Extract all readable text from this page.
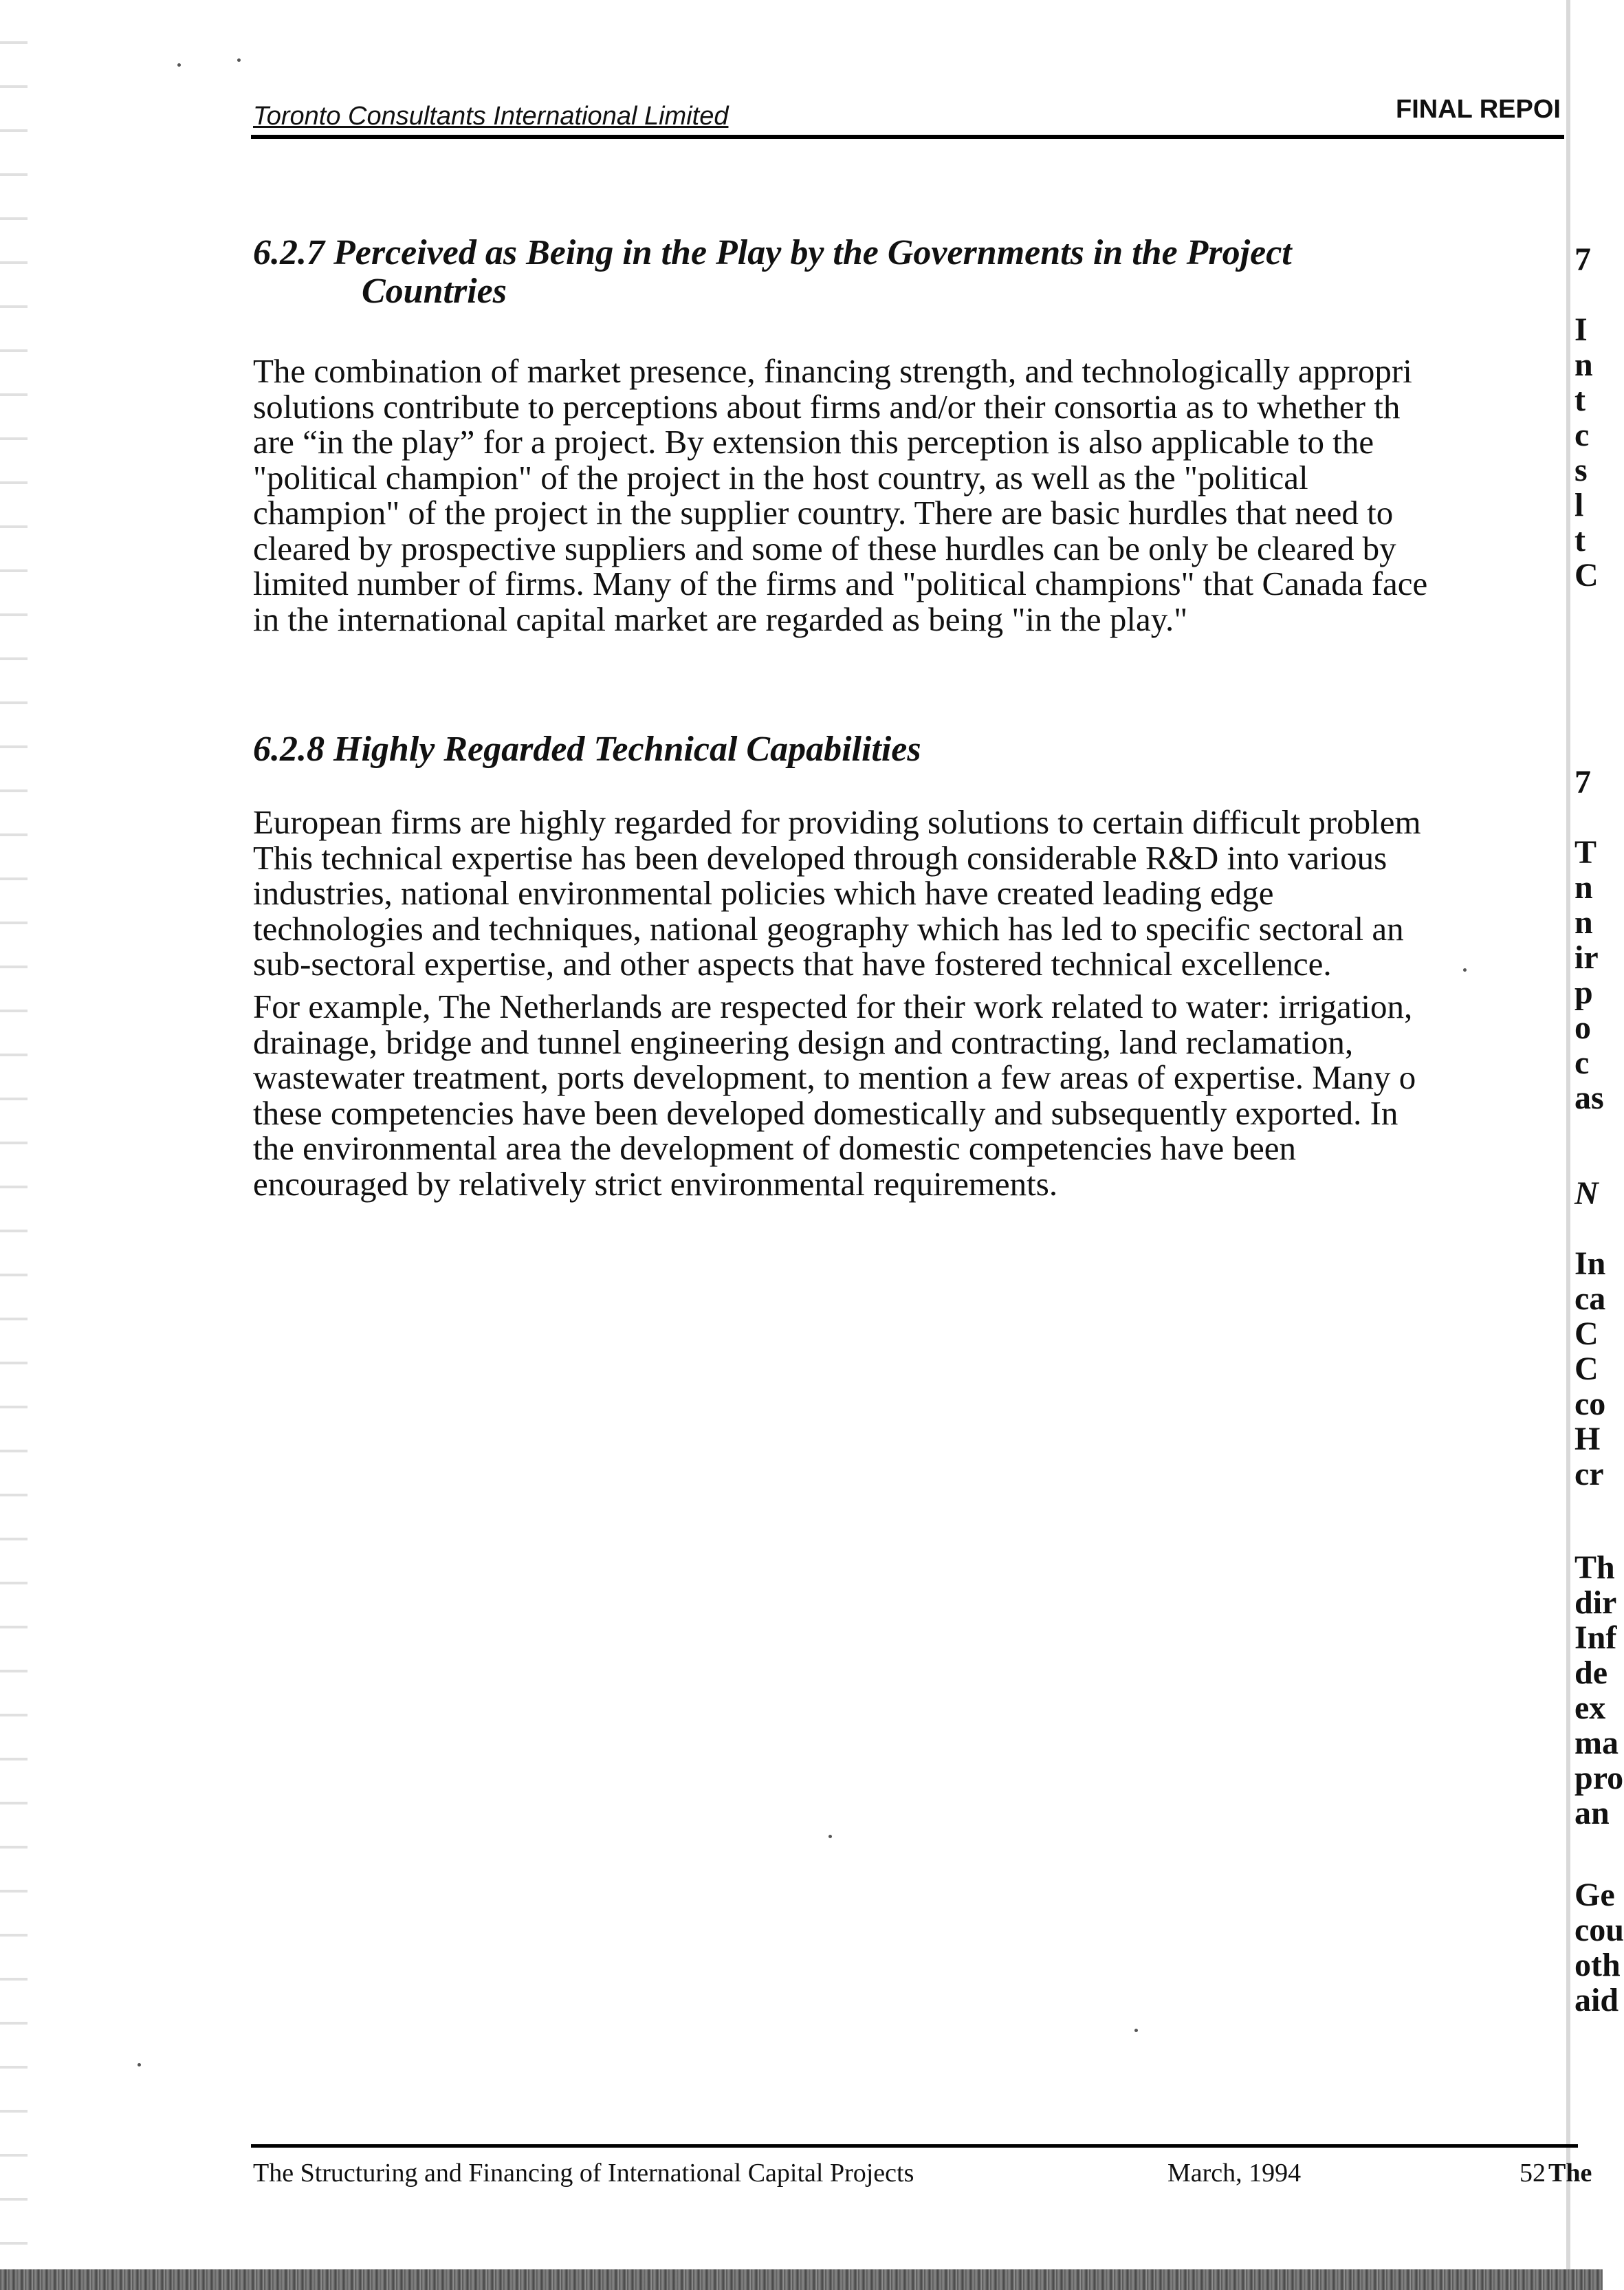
Toronto Consultants International Limited	FINAL REPOI
6.2.7 Perceived as Being in the Play by the Governments in the Project
Countries
The combination of market presence, financing strength, and technologically appropri
solutions contribute to perceptions about firms and/or their consortia as to whether th
are “in the play” for a project. By extension this perception is also applicable to the
"political champion" of the project in the host country, as well as the "political
champion" of the project in the supplier country. There are basic hurdles that need to
cleared by prospective suppliers and some of these hurdles can be only be cleared by
limited number of firms. Many of the firms and "political champions" that Canada face
in the international capital market are regarded as being "in the play."
6.2.8 Highly Regarded Technical Capabilities
European firms are highly regarded for providing solutions to certain difficult problem
This technical expertise has been developed through considerable R&D into various
industries, national environmental policies which have created leading edge
technologies and techniques, national geography which has led to specific sectoral an
sub-sectoral expertise, and other aspects that have fostered technical excellence.
For example, The Netherlands are respected for their work related to water: irrigation,
drainage, bridge and tunnel engineering design and contracting, land reclamation,
wastewater treatment, ports development, to mention a few areas of expertise. Many o
these competencies have been developed domestically and subsequently exported. In
the environmental area the development of domestic competencies have been
encouraged by relatively strict environmental requirements.
7

I
n
t
c
s
l
t
C
7

T
n
n
ir
p
o
c
as
N

In
ca
C
C
co
H
cr
Th
dir
Inf
de
ex
ma
pro
an
Ge
cou
oth
aid
The Structuring and Financing of International Capital Projects	March, 1994	52 The
